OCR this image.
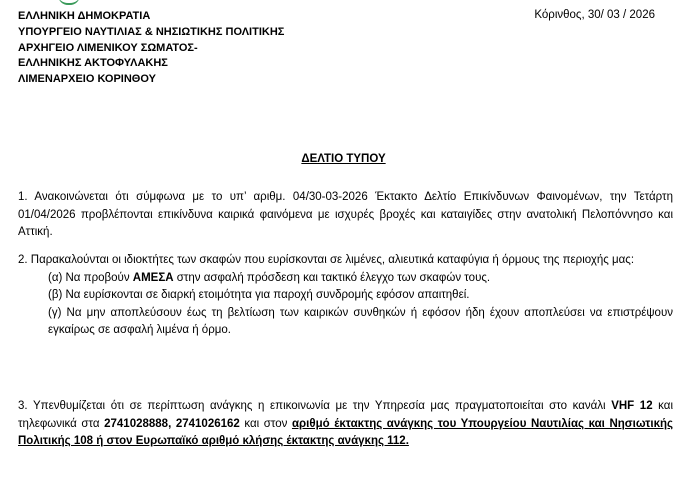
ΕΛΛΗΝΙΚΗ ΔΗΜΟΚΡΑΤΙΑ
ΥΠΟΥΡΓΕΙΟ ΝΑΥΤΙΛΙΑΣ & ΝΗΣΙΩΤΙΚΗΣ ΠΟΛΙΤΙΚΗΣ
ΑΡΧΗΓΕΙΟ ΛΙΜΕΝΙΚΟΥ ΣΩΜΑΤΟΣ-
ΕΛΛΗΝΙΚΗΣ ΑΚΤΟΦΥΛΑΚΗΣ
ΛΙΜΕΝΑΡΧΕΙΟ ΚΟΡΙΝΘΟΥ
Κόρινθος, 30/ 03 / 2026
ΔΕΛΤΙΟ ΤΥΠΟΥ
1. Ανακοινώνεται ότι σύμφωνα με το υπ’ αριθμ. 04/30-03-2026 Έκτακτο Δελτίο Επικίνδυνων Φαινομένων, την Τετάρτη 01/04/2026 προβλέπονται επικίνδυνα καιρικά φαινόμενα με ισχυρές βροχές και καταιγίδες στην ανατολική Πελοπόννησο και Αττική.
2. Παρακαλούνται οι ιδιοκτήτες των σκαφών που ευρίσκονται σε λιμένες, αλιευτικά καταφύγια ή όρμους της περιοχής μας:
(α) Να προβούν ΑΜΕΣΑ στην ασφαλή πρόσδεση και τακτικό έλεγχο των σκαφών τους.
(β) Να ευρίσκονται σε διαρκή ετοιμότητα για παροχή συνδρομής εφόσον απαιτηθεί.
(γ) Να μην αποπλεύσουν έως τη βελτίωση των καιρικών συνθηκών ή εφόσον ήδη έχουν αποπλεύσει να επιστρέψουν εγκαίρως σε ασφαλή λιμένα ή όρμο.
3. Υπενθυμίζεται ότι σε περίπτωση ανάγκης η επικοινωνία με την Υπηρεσία μας πραγματοποιείται στο κανάλι VHF 12 και τηλεφωνικά στα 2741028888, 2741026162 και στον αριθμό έκτακτης ανάγκης του Υπουργείου Ναυτιλίας και Νησιωτικής Πολιτικής 108 ή στον Ευρωπαϊκό αριθμό κλήσης έκτακτης ανάγκης 112.
